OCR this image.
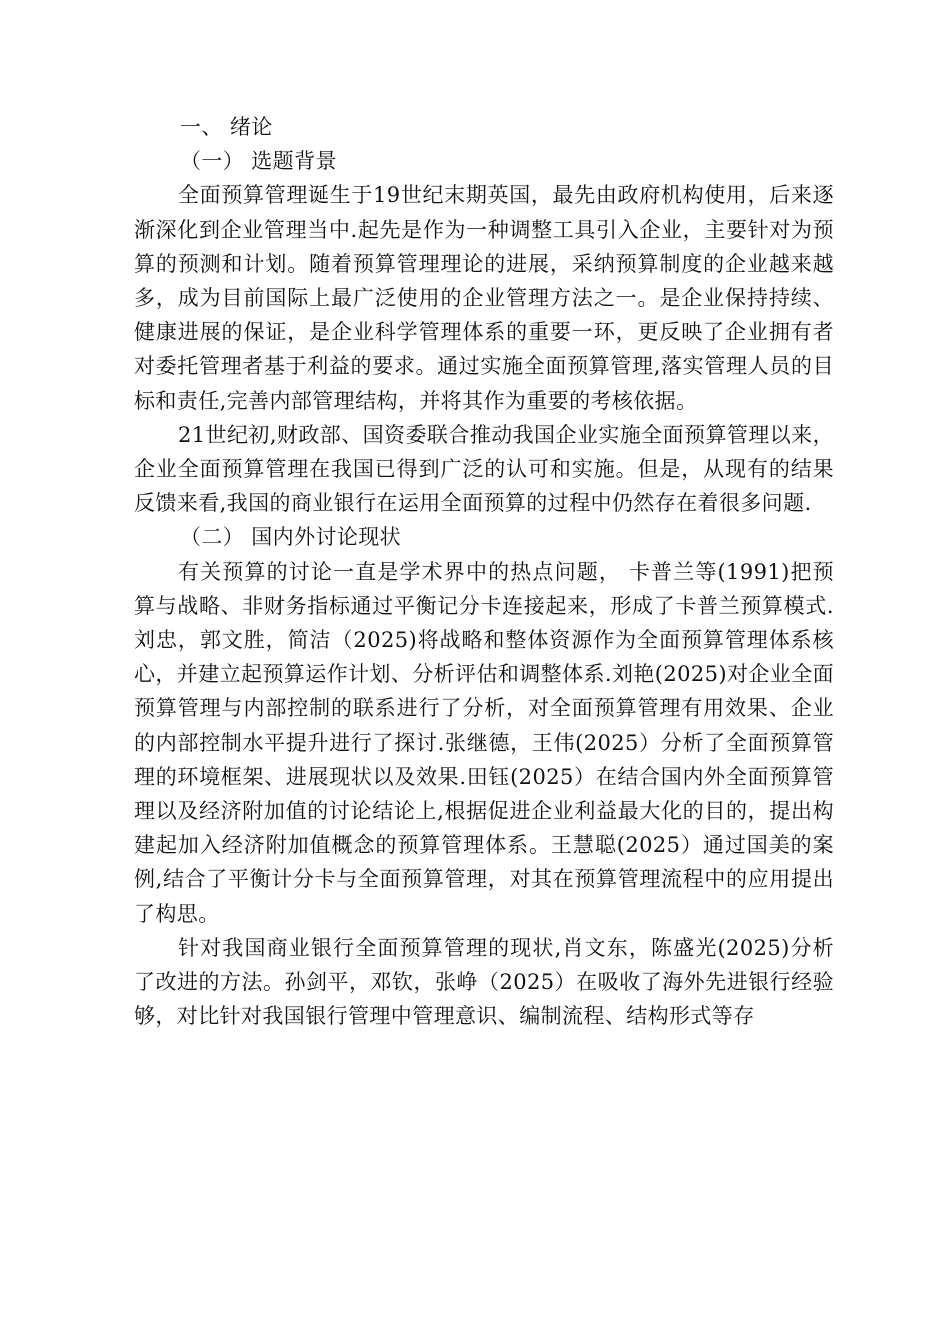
一、 绪论
（一） 选题背景

全面预算管理诞生于19世纪末期英国，最先由政府机构使用，后来逐渐深化到企业管理当中.起先是作为一种调整工具引入企业，主要针对为预算的预测和计划。随着预算管理理论的进展，采纳预算制度的企业越来越多，成为目前国际上最广泛使用的企业管理方法之一。是企业保持持续、健康进展的保证，是企业科学管理体系的重要一环，更反映了企业拥有者对委托管理者基于利益的要求。通过实施全面预算管理,落实管理人员的目标和责任,完善内部管理结构，并将其作为重要的考核依据。

21世纪初,财政部、国资委联合推动我国企业实施全面预算管理以来，企业全面预算管理在我国已得到广泛的认可和实施。但是，从现有的结果反馈来看,我国的商业银行在运用全面预算的过程中仍然存在着很多问题.

（二） 国内外讨论现状

有关预算的讨论一直是学术界中的热点问题， 卡普兰等(1991)把预算与战略、非财务指标通过平衡记分卡连接起来，形成了卡普兰预算模式.刘忠，郭文胜，简洁（2025)将战略和整体资源作为全面预算管理体系核心，并建立起预算运作计划、分析评估和调整体系.刘艳(2025)对企业全面预算管理与内部控制的联系进行了分析，对全面预算管理有用效果、企业的内部控制水平提升进行了探讨.张继德，王伟(2025）分析了全面预算管理的环境框架、进展现状以及效果.田钰(2025）在结合国内外全面预算管理以及经济附加值的讨论结论上,根据促进企业利益最大化的目的，提出构建起加入经济附加值概念的预算管理体系。王慧聪(2025）通过国美的案例,结合了平衡计分卡与全面预算管理，对其在预算管理流程中的应用提出了构思。

针对我国商业银行全面预算管理的现状,肖文东，陈盛光(2025)分析了改进的方法。孙剑平，邓钦，张峥（2025）在吸收了海外先进银行经验够，对比针对我国银行管理中管理意识、编制流程、结构形式等存
